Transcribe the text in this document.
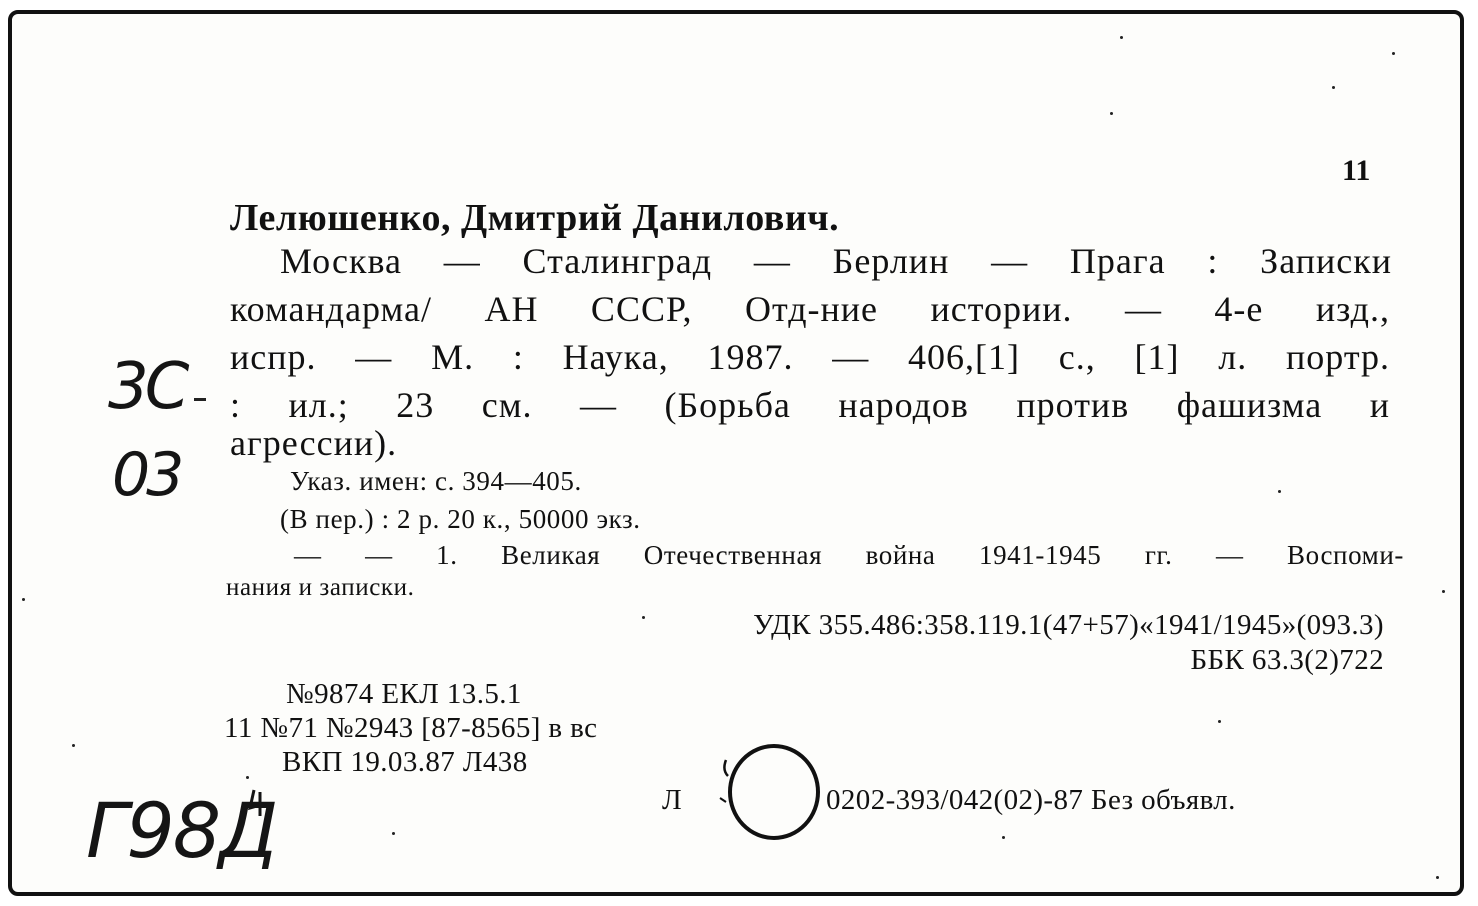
11
Лелюшенко, Дмитрий Данилович.
Москва — Сталинград — Берлин — Прага : Записки
командарма/ АН СССР, Отд-ние истории. — 4-е изд.,
испр. — М. : Наука, 1987. — 406,[1] с., [1] л. портр.
: ил.; 23 см. — (Борьба народов против фашизма и
агрессии).
Указ. имен: с. 394—405.
(В пер.) : 2 р. 20 к., 50000 экз.
— — 1. Великая Отечественная война 1941-1945 гг. — Воспоми-
нания и записки.
УДК 355.486:358.119.1(47+57)«1941/1945»(093.3)
ББК 63.3(2)722
№9874 ЕКЛ 13.5.1
11 №71 №2943 [87-8565] в вс
ВКП 19.03.87 Л438
Л	0202-393/042(02)-87 Без объявл.
3С
03
Г98Д
